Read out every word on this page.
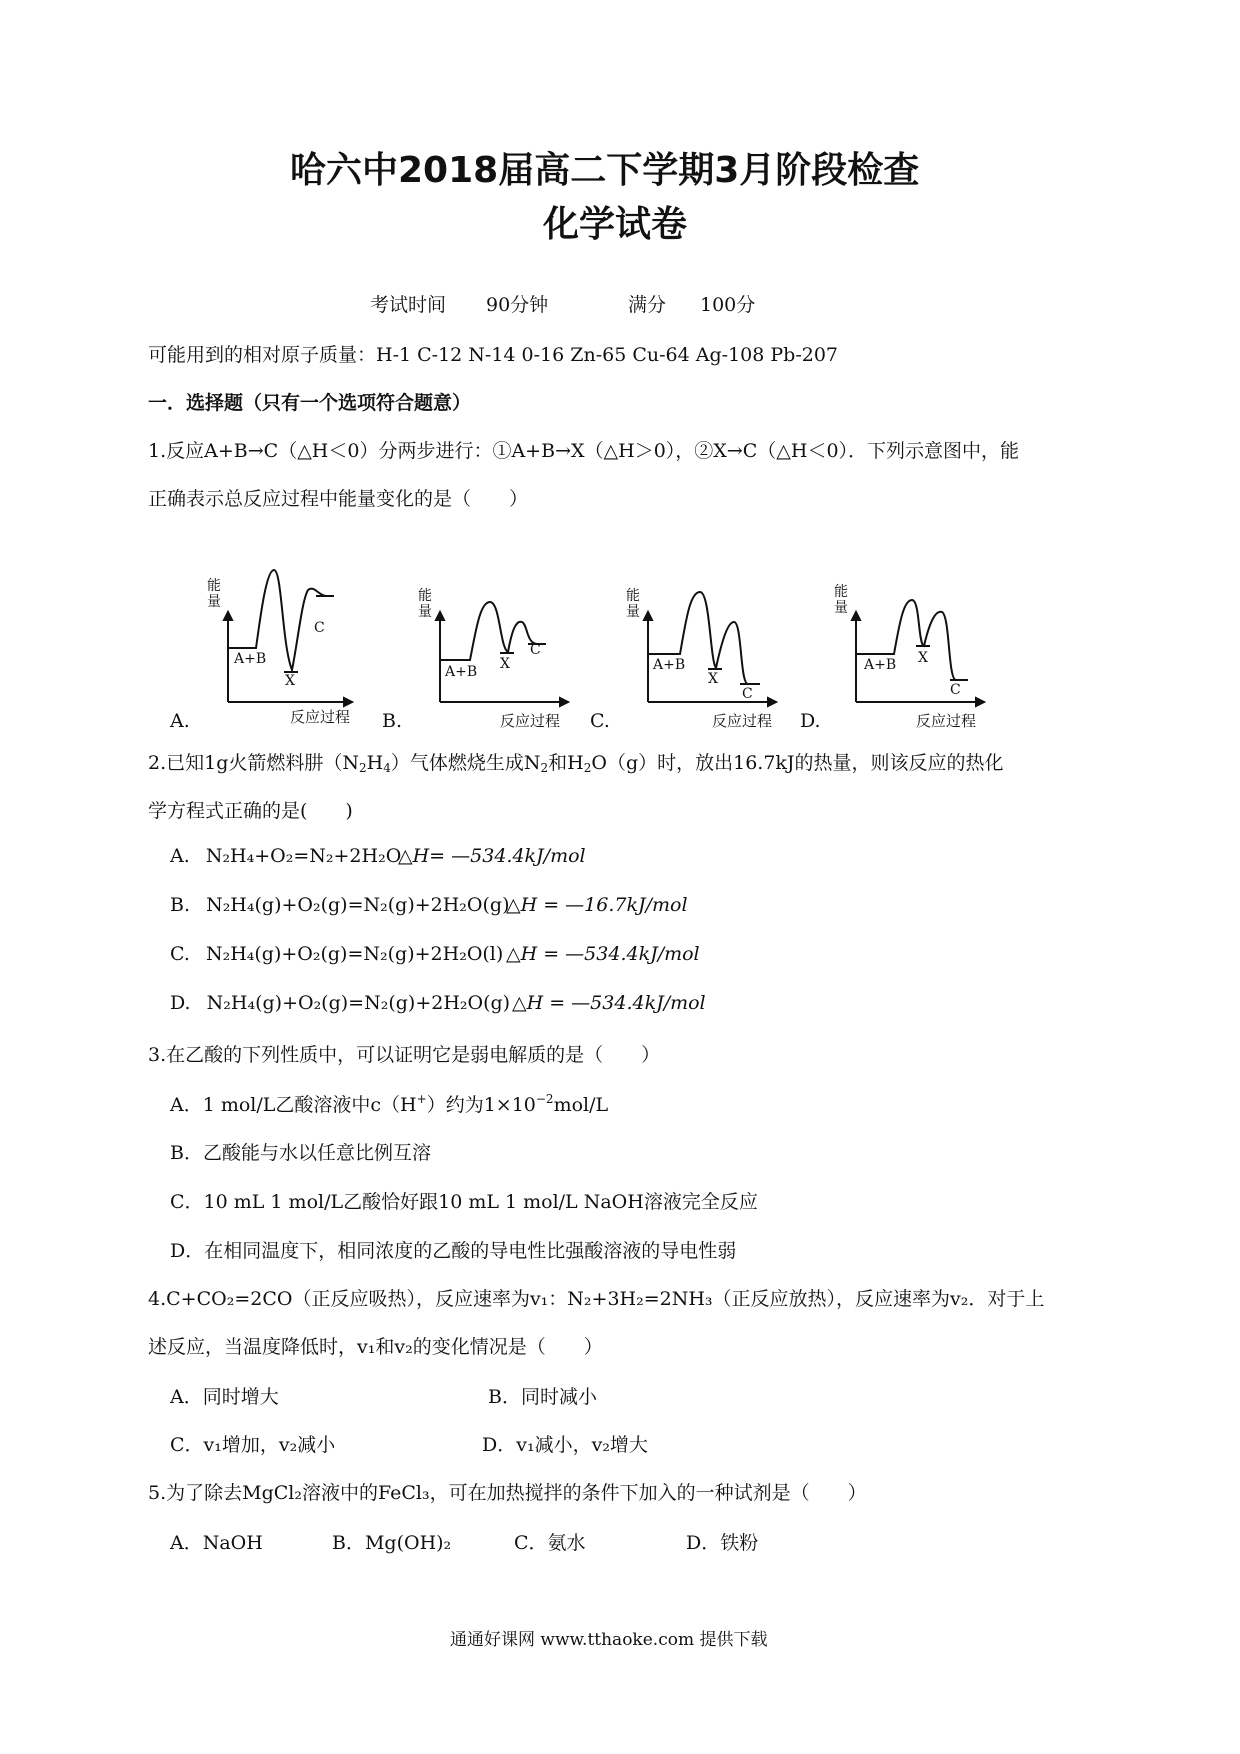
哈六中2018届高二下学期3月阶段检查
化学试卷
考试时间 90分钟	满分 100分
可能用到的相对原子质量：H-1 C-12 N-14 0-16 Zn-65 Cu-64 Ag-108 Pb-207
一．选择题（只有一个选项符合题意）
1.反应A+B→C（△H＜0）分两步进行：①A+B→X（△H＞0），②X→C（△H＜0）．下列示意图中，能
正确表示总反应过程中能量变化的是（　　）
能量
A+B
X
C
反应过程
能量
A+B X
C
反应过程
能量
A+B
X
C
反应过程
能量
A+B X
C
反应过程
A.	B.	C.	D.
2.已知1g火箭燃料肼$(N_2H_4)$气体燃烧生成$N_2$和$H_2O(g)$时，放出16.7kJ的热量，则该反应的热化
学方程式正确的是(　　)
A. N₂H₄+O₂=N₂+2H₂O
△H= —534.4kJ/mol
B. N₂H₄(g)+O₂(g)=N₂(g)+2H₂O(g)
△H = —16.7kJ/mol
C. N₂H₄(g)+O₂(g)=N₂(g)+2H₂O(l) △H = —534.4kJ/mol
D. N₂H₄(g)+O₂(g)=N₂(g)+2H₂O(g) △H = —534.4kJ/mol
3.在乙酸的下列性质中，可以证明它是弱电解质的是（　　）
A．1 mol/L乙酸溶液中c（H+）约为$1\times 10^{-2}mol/L$
B．乙酸能与水以任意比例互溶
C．10 mL 1 mol/L乙酸恰好跟10 mL 1 mol/L NaOH溶液完全反应
D．在相同温度下，相同浓度的乙酸的导电性比强酸溶液的导电性弱
4.C+CO₂=2CO（正反应吸热），反应速率为v₁：N₂+3H₂=2NH₃（正反应放热），反应速率为v₂．对于上
述反应，当温度降低时，v₁和v₂的变化情况是（　　）
A．同时增大	B．同时减小
C．v₁增加，v₂减小	D．v₁减小，v₂增大
5.为了除去MgCl₂溶液中的FeCl₃，可在加热搅拌的条件下加入的一种试剂是（　　）
A．NaOH	B．Mg(OH)₂	C．氨水	D．铁粉
通通好课网 www.tthaoke.com 提供下载
